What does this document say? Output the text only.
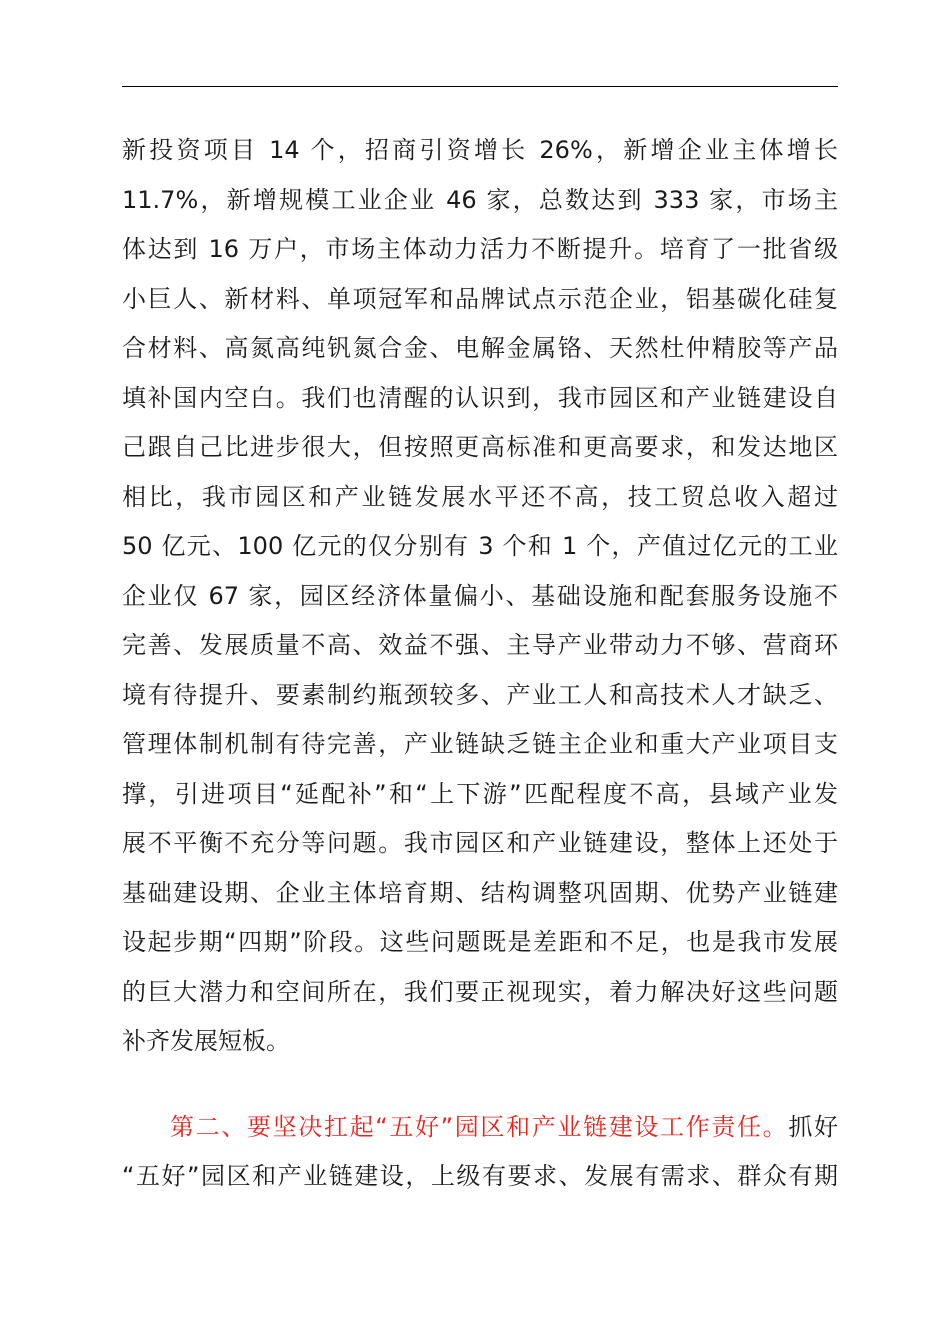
新投资项目 14 个，招商引资增长 26%，新增企业主体增长
11.7%，新增规模工业企业 46 家，总数达到 333 家，市场主
体达到 16 万户，市场主体动力活力不断提升。培育了一批省级
小巨人、新材料、单项冠军和品牌试点示范企业，铝基碳化硅复
合材料、高氮高纯钒氮合金、电解金属铬、天然杜仲精胶等产品
填补国内空白。我们也清醒的认识到，我市园区和产业链建设自
己跟自己比进步很大，但按照更高标准和更高要求，和发达地区
相比，我市园区和产业链发展水平还不高，技工贸总收入超过
50 亿元、100 亿元的仅分别有 3 个和 1 个，产值过亿元的工业
企业仅 67 家，园区经济体量偏小、基础设施和配套服务设施不
完善、发展质量不高、效益不强、主导产业带动力不够、营商环
境有待提升、要素制约瓶颈较多、产业工人和高技术人才缺乏、
管理体制机制有待完善，产业链缺乏链主企业和重大产业项目支
撑，引进项目“延配补”和“上下游”匹配程度不高，县域产业发
展不平衡不充分等问题。我市园区和产业链建设，整体上还处于
基础建设期、企业主体培育期、结构调整巩固期、优势产业链建
设起步期“四期”阶段。这些问题既是差距和不足，也是我市发展
的巨大潜力和空间所在，我们要正视现实，着力解决好这些问题
补齐发展短板。
第二、要坚决扛起“五好”园区和产业链建设工作责任。抓好
“五好”园区和产业链建设，上级有要求、发展有需求、群众有期
